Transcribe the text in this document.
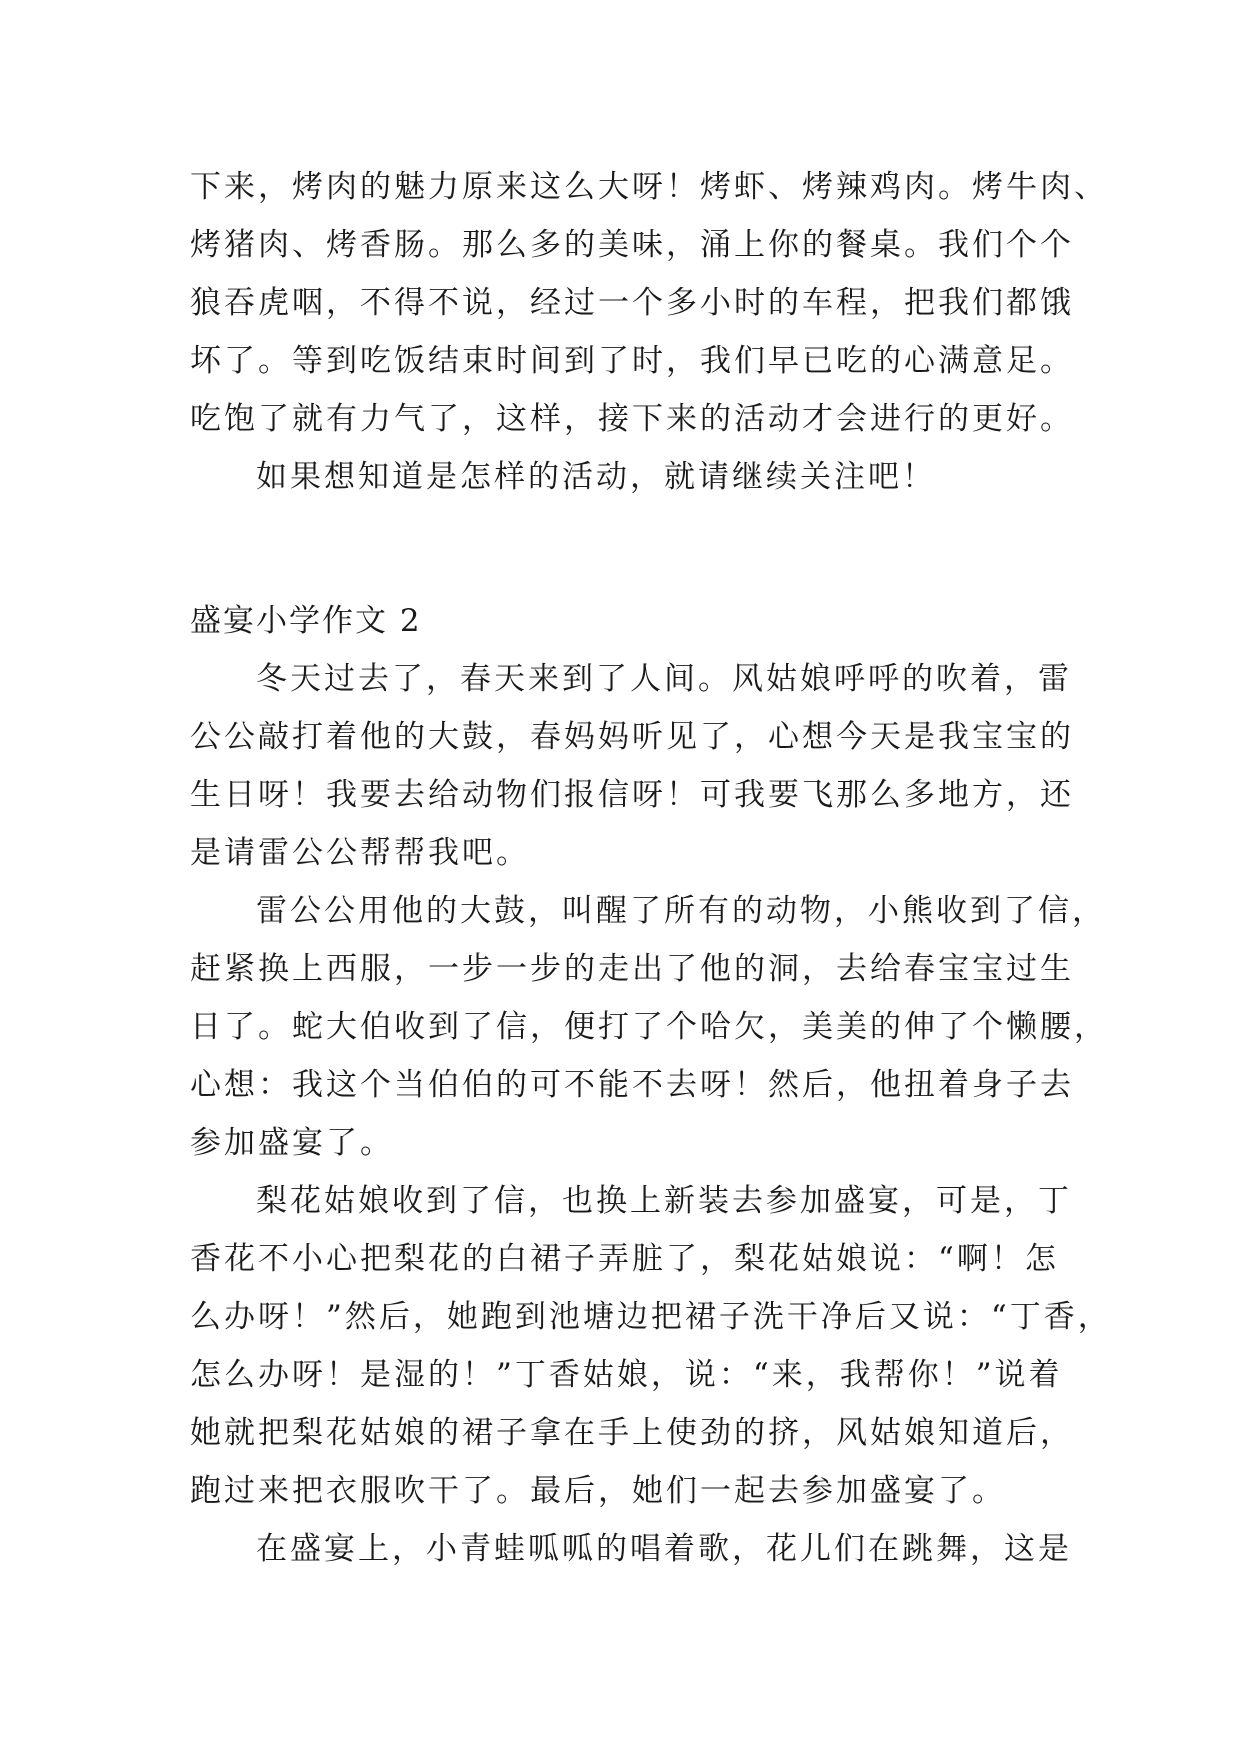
下来，烤肉的魅力原来这么大呀！烤虾、烤辣鸡肉。烤牛肉、
烤猪肉、烤香肠。那么多的美味，涌上你的餐桌。我们个个
狼吞虎咽，不得不说，经过一个多小时的车程，把我们都饿
坏了。等到吃饭结束时间到了时，我们早已吃的心满意足。
吃饱了就有力气了，这样，接下来的活动才会进行的更好。
如果想知道是怎样的活动，就请继续关注吧！
盛宴小学作文 2
冬天过去了，春天来到了人间。风姑娘呼呼的吹着，雷
公公敲打着他的大鼓，春妈妈听见了，心想今天是我宝宝的
生日呀！我要去给动物们报信呀！可我要飞那么多地方，还
是请雷公公帮帮我吧。
雷公公用他的大鼓，叫醒了所有的动物，小熊收到了信，
赶紧换上西服，一步一步的走出了他的洞，去给春宝宝过生
日了。蛇大伯收到了信，便打了个哈欠，美美的伸了个懒腰，
心想：我这个当伯伯的可不能不去呀！然后，他扭着身子去
参加盛宴了。
梨花姑娘收到了信，也换上新装去参加盛宴，可是，丁
香花不小心把梨花的白裙子弄脏了，梨花姑娘说：“啊！怎
么办呀！”然后，她跑到池塘边把裙子洗干净后又说：“丁香，
怎么办呀！是湿的！”丁香姑娘，说：“来，我帮你！”说着
她就把梨花姑娘的裙子拿在手上使劲的挤，风姑娘知道后，
跑过来把衣服吹干了。最后，她们一起去参加盛宴了。
在盛宴上，小青蛙呱呱的唱着歌，花儿们在跳舞，这是
